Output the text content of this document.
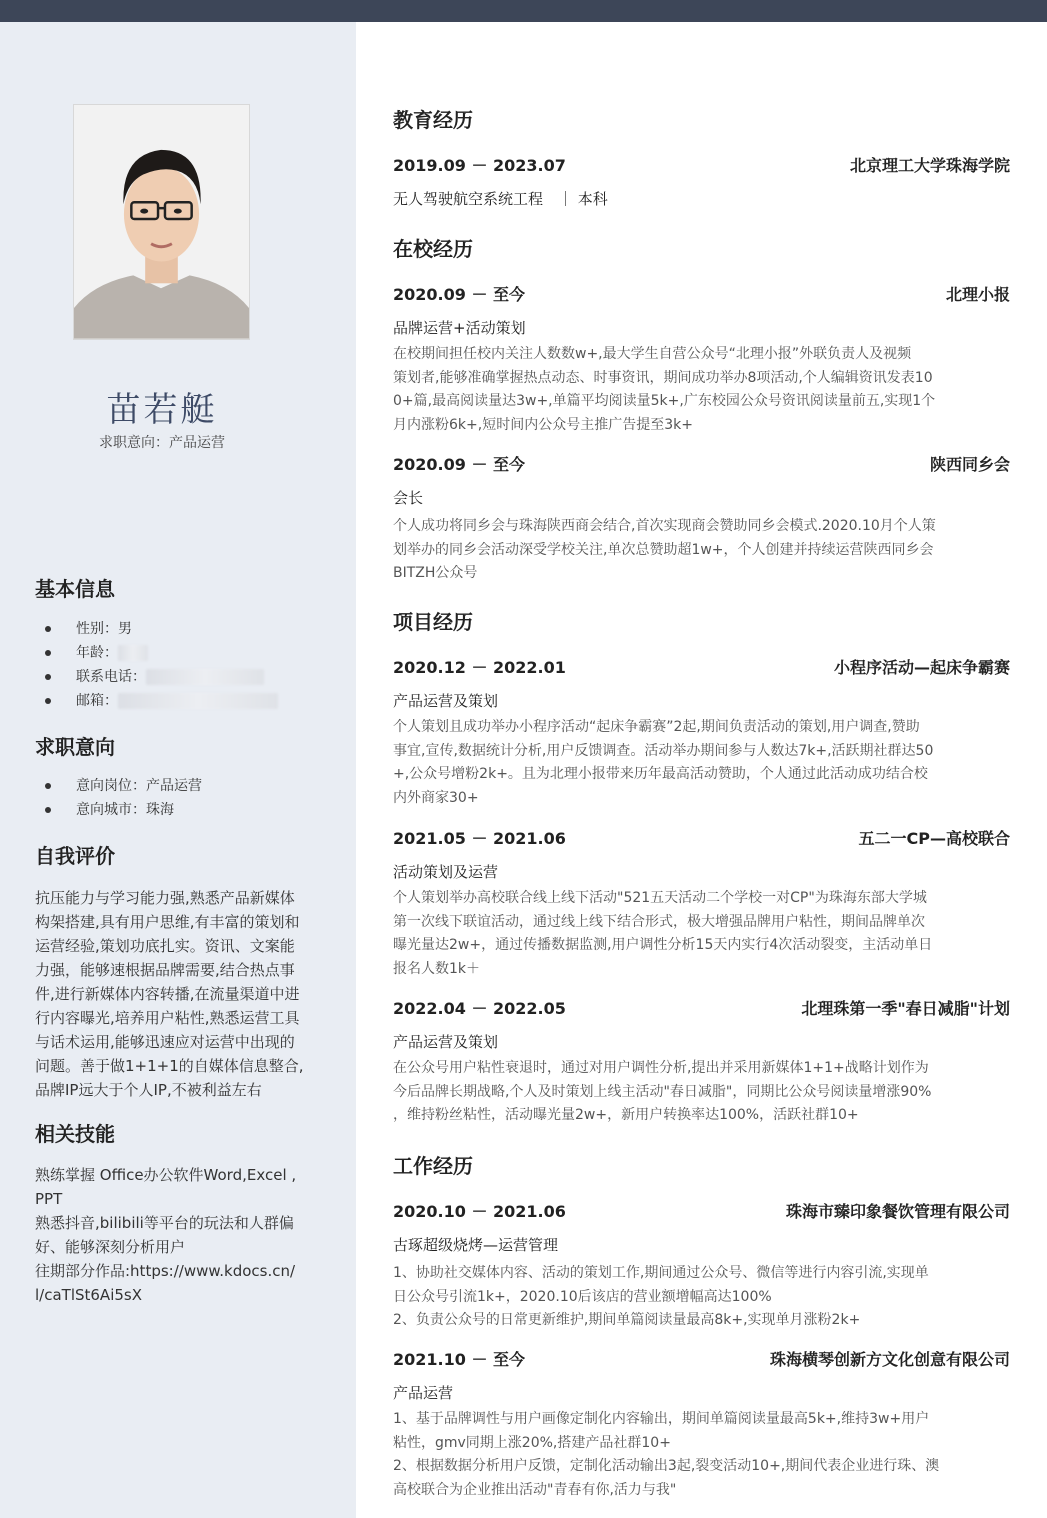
苗若艇
求职意向：产品运营
基本信息
性别：男
年龄：
联系电话：
邮箱：
求职意向
意向岗位：产品运营
意向城市：珠海
自我评价
抗压能力与学习能力强,熟悉产品新媒体
构架搭建,具有用户思维,有丰富的策划和
运营经验,策划功底扎实。资讯、文案能
力强，能够速根据品牌需要,结合热点事
件,进行新媒体内容转播,在流量渠道中进
行内容曝光,培养用户粘性,熟悉运营工具
与话术运用,能够迅速应对运营中出现的
问题。善于做1+1+1的自媒体信息整合,
品牌IP远大于个人IP,不被利益左右
相关技能
熟练掌握 Office办公软件Word,Excel ,
PPT
熟悉抖音,bilibili等平台的玩法和人群偏
好、能够深刻分析用户
往期部分作品:https://www.kdocs.cn/
l/caTlSt6Ai5sX
教育经历
2019.09 － 2023.07	北京理工大学珠海学院
无人驾驶航空系统工程　｜ 本科
在校经历
2020.09 － 至今	北理小报
品牌运营+活动策划
在校期间担任校内关注人数数w+,最大学生自营公众号“北理小报”外联负责人及视频
策划者,能够准确掌握热点动态、时事资讯，期间成功举办8项活动,个人编辑资讯发表10
0+篇,最高阅读量达3w+,单篇平均阅读量5k+,广东校园公众号资讯阅读量前五,实现1个
月内涨粉6k+,短时间内公众号主推广告提至3k+
2020.09 － 至今	陕西同乡会
会长
个人成功将同乡会与珠海陕西商会结合,首次实现商会赞助同乡会模式.2020.10月个人策
划举办的同乡会活动深受学校关注,单次总赞助超1w+，个人创建并持续运营陕西同乡会
BITZH公众号
项目经历
2020.12 － 2022.01	小程序活动—起床争霸赛
产品运营及策划
个人策划且成功举办小程序活动“起床争霸赛”2起,期间负责活动的策划,用户调查,赞助
事宜,宣传,数据统计分析,用户反馈调查。活动举办期间参与人数达7k+,活跃期社群达50
+,公众号增粉2k+。且为北理小报带来历年最高活动赞助，个人通过此活动成功结合校
内外商家30+
2021.05 － 2021.06	五二一CP—高校联合
活动策划及运营
个人策划举办高校联合线上线下活动"521五天活动二个学校一对CP"为珠海东部大学城
第一次线下联谊活动，通过线上线下结合形式，极大增强品牌用户粘性，期间品牌单次
曝光量达2w+，通过传播数据监测,用户调性分析15天内实行4次活动裂变，主活动单日
报名人数1k＋
2022.04 － 2022.05	北理珠第一季"春日减脂"计划
产品运营及策划
在公众号用户粘性衰退时，通过对用户调性分析,提出并采用新媒体1+1+战略计划作为
今后品牌长期战略,个人及时策划上线主活动"春日减脂"，同期比公众号阅读量增涨90%
，维持粉丝粘性，活动曝光量2w+，新用户转换率达100%，活跃社群10+
工作经历
2020.10 － 2021.06	珠海市臻印象餐饮管理有限公司
古琢超级烧烤—运营管理
1、协助社交媒体内容、活动的策划工作,期间通过公众号、微信等进行内容引流,实现单
日公众号引流1k+，2020.10后该店的营业额增幅高达100%
2、负责公众号的日常更新维护,期间单篇阅读量最高8k+,实现单月涨粉2k+
2021.10 － 至今	珠海横琴创新方文化创意有限公司
产品运营
1、基于品牌调性与用户画像定制化内容输出，期间单篇阅读量最高5k+,维持3w+用户
粘性，gmv同期上涨20%,搭建产品社群10+
2、根据数据分析用户反馈，定制化活动输出3起,裂变活动10+,期间代表企业进行珠、澳
高校联合为企业推出活动"青春有你,活力与我"
